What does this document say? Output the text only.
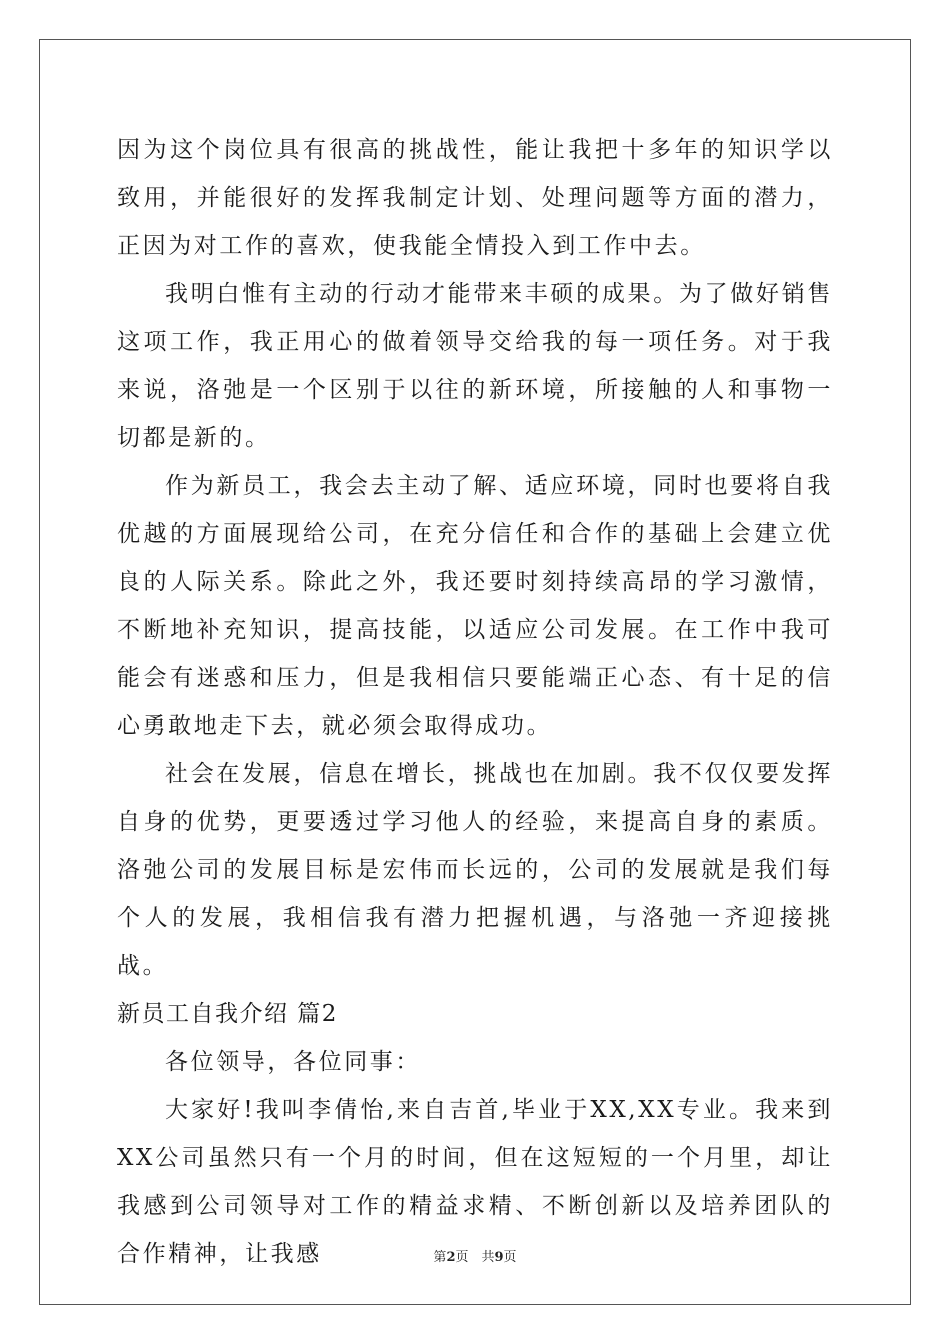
因为这个岗位具有很高的挑战性，能让我把十多年的知识学以致用，并能很好的发挥我制定计划、处理问题等方面的潜力，正因为对工作的喜欢，使我能全情投入到工作中去。

我明白惟有主动的行动才能带来丰硕的成果。为了做好销售这项工作，我正用心的做着领导交给我的每一项任务。对于我来说，洛弛是一个区别于以往的新环境，所接触的人和事物一切都是新的。

作为新员工，我会去主动了解、适应环境，同时也要将自我优越的方面展现给公司，在充分信任和合作的基础上会建立优良的人际关系。除此之外，我还要时刻持续高昂的学习激情，不断地补充知识，提高技能，以适应公司发展。在工作中我可能会有迷惑和压力，但是我相信只要能端正心态、有十足的信心勇敢地走下去，就必须会取得成功。

社会在发展，信息在增长，挑战也在加剧。我不仅仅要发挥自身的优势，更要透过学习他人的经验，来提高自身的素质。洛弛公司的发展目标是宏伟而长远的，公司的发展就是我们每个人的发展，我相信我有潜力把握机遇，与洛弛一齐迎接挑战。

新员工自我介绍 篇2

各位领导，各位同事：

大家好!我叫李倩怡,来自吉首,毕业于XX,XX专业。我来到XX公司虽然只有一个月的时间，但在这短短的一个月里，却让我感到公司领导对工作的精益求精、不断创新以及培养团队的合作精神，让我感	第2页　共9页
